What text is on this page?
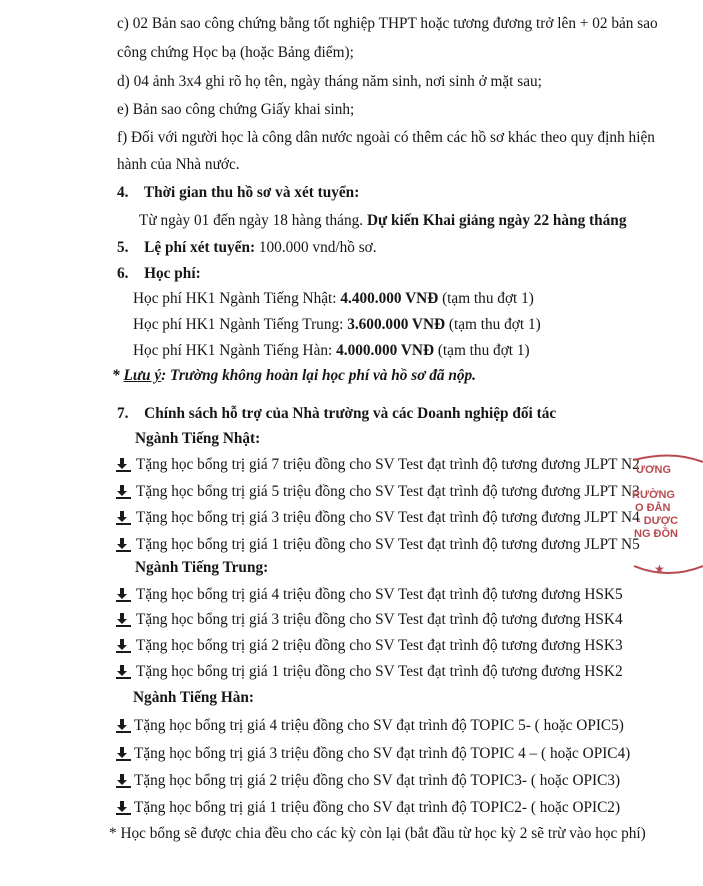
c) 02 Bản sao công chứng bằng tốt nghiệp THPT hoặc tương đương trở lên + 02 bản sao
công chứng Học bạ (hoặc Bảng điểm);
d) 04 ảnh 3x4 ghi rõ họ tên, ngày tháng năm sinh, nơi sinh ở mặt sau;
e) Bản sao công chứng Giấy khai sinh;
f) Đối với người học là công dân nước ngoài có thêm các hồ sơ khác theo quy định hiện
hành của Nhà nước.
4. Thời gian thu hồ sơ và xét tuyển:
Từ ngày 01 đến ngày 18 hàng tháng. Dự kiến Khai giảng ngày 22 hàng tháng
5. Lệ phí xét tuyển: 100.000 vnd/hồ sơ.
6. Học phí:
Học phí HK1 Ngành Tiếng Nhật: 4.400.000 VNĐ (tạm thu đợt 1)
Học phí HK1 Ngành Tiếng Trung: 3.600.000 VNĐ (tạm thu đợt 1)
Học phí HK1 Ngành Tiếng Hàn: 4.000.000 VNĐ (tạm thu đợt 1)
* Lưu ý: Trường không hoàn lại học phí và hồ sơ đã nộp.
7. Chính sách hỗ trợ của Nhà trường và các Doanh nghiệp đối tác
Ngành Tiếng Nhật:
Tặng học bổng trị giá 7 triệu đồng cho SV Test đạt trình độ tương đương JLPT N2
Tặng học bổng trị giá 5 triệu đồng cho SV Test đạt trình độ tương đương JLPT N3
Tặng học bổng trị giá 3 triệu đồng cho SV Test đạt trình độ tương đương JLPT N4
Tặng học bổng trị giá 1 triệu đồng cho SV Test đạt trình độ tương đương JLPT N5
Ngành Tiếng Trung:
Tặng học bổng trị giá 4 triệu đồng cho SV Test đạt trình độ tương đương HSK5
Tặng học bổng trị giá 3 triệu đồng cho SV Test đạt trình độ tương đương HSK4
Tặng học bổng trị giá 2 triệu đồng cho SV Test đạt trình độ tương đương HSK3
Tặng học bổng trị giá 1 triệu đồng cho SV Test đạt trình độ tương đương HSK2
Ngành Tiếng Hàn:
Tặng học bổng trị giá 4 triệu đồng cho SV đạt trình độ TOPIC 5- ( hoặc OPIC5)
Tặng học bổng trị giá 3 triệu đồng cho SV đạt trình độ TOPIC 4 – ( hoặc OPIC4)
Tặng học bổng trị giá 2 triệu đồng cho SV đạt trình độ TOPIC3- ( hoặc OPIC3)
Tặng học bổng trị giá 1 triệu đồng cho SV đạt trình độ TOPIC2- ( hoặc OPIC2)
* Học bổng sẽ được chia đều cho các kỳ còn lại (bắt đầu từ học kỳ 2 sẽ trừ vào học phí)
★
ƯƠNG
RƯỜNG
O ĐẲN
- DƯỢC
NG ĐỒN
